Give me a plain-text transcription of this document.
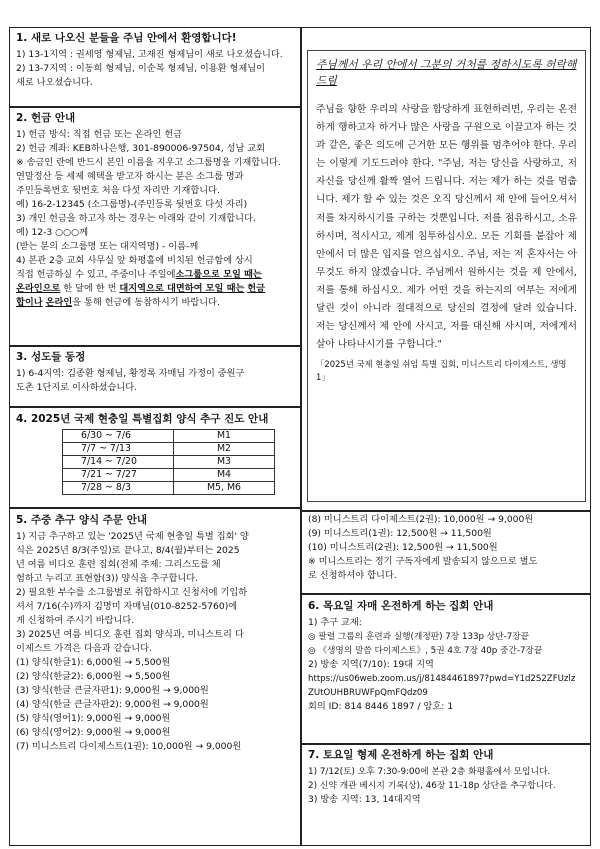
1. 새로 나오신 분들을 주님 안에서 환영합니다!
1) 13-1지역 : 권세영 형제님, 고재진 형제님이 새로 나오셨습니다.
2) 13-7지역 : 이동희 형제님, 이순복 형제님, 이용환 형제님이
새로 나오셨습니다.
2. 헌금 안내
1) 헌금 방식: 직접 헌금 또는 온라인 헌금
2) 헌금 계좌: KEB하나은행, 301-890006-97504, 성남 교회
※ 송금인 란에 반드시 본인 이름을 지우고 소그룹명을 기재합니다.
연말정산 등 세제 혜택을 받고자 하시는 분은 소그룹 명과
주민등록번호 뒷번호 처음 다섯 자리만 기재합니다.
예) 16-2-12345 (소그룹명)-(주민등록 뒷번호 다섯 자리)
3) 개인 헌금을 하고자 하는 경우는 아래와 같이 기재합니다.
예) 12-3 ○○○께
(받는 분의 소그룹명 또는 대지역명) - 이름-께
4) 본관 2층 교회 사무실 앞 화평홀에 비치된 헌금함에 상시
직접 헌금하실 수 있고, 주중이나 주일에소그룹으로 모일 때는
온라인으로 한 달에 한 번 대지역으로 대면하여 모일 때는 헌금
합이나 온라인을 통해 헌금에 동참하시기 바랍니다.
3. 성도들 동정
1) 6-4지역: 김종환 형제님, 황정록 자매님 가정이 중원구
도촌 1단지로 이사하셨습니다.
4. 2025년 국제 현충일 특별집회 양식 추구 진도 안내
6/30 ~ 7/6	M1
7/7 ~ 7/13	M2
7/14 ~ 7/20	M3
7/21 ~ 7/27	M4
7/28 ~ 8/3	M5, M6
5. 주중 추구 양식 주문 안내
1) 지금 추구하고 있는 '2025년 국제 현충일 특별 집회' 양
식은 2025년 8/3(주일)로 끝나고, 8/4(월)부터는 2025
년 여름 비디오 훈련 집회(전체 주제: 그리스도를 체
험하고 누리고 표현함(3)) 양식을 추구합니다.
2) 필요한 부수를 소그룹별로 취합하시고 신청서에 기입하
셔서 7/16(수)까지 김명미 자매님(010-8252-5760)에
게 신청하여 주시기 바랍니다.
3) 2025년 여름 비디오 훈련 집회 양식과, 미니스트리 다
이제스트 가격은 다음과 같습니다.
(1) 양식(한글1): 6,000원 → 5,500원
(2) 양식(한글2): 6,000원 → 5,500원
(3) 양식(한글 큰글자판1): 9,000원 → 9,000원
(4) 양식(한글 큰글자판2): 9,000원 → 9,000원
(5) 양식(영어1): 9,000원 → 9,000원
(6) 양식(영어2): 9,000원 → 9,000원
(7) 미니스트리 다이제스트(1권): 10,000원 → 9,000원
주님께서 우리 안에서 그분의 거처를 정하시도록 허락해 드림
주님을 향한 우리의 사랑을 합당하게 표현하려면, 우리는 온전하게 행하고자 하거나 많은 사랑을 구원으로 이끌고자 하는 것과 같은, 좋은 의도에 근거한 모든 행위를 멈추어야 한다. 우리는 이렇게 기도드려야 한다. "주님, 저는 당신을 사랑하고, 저 자신을 당신께 활짝 열어 드립니다. 저는 제가 하는 것을 멈춥니다. 제가 할 수 있는 것은 오직 당신께서 제 안에 들어오셔서 저를 차지하시기를 구하는 것뿐입니다. 저를 점유하시고, 소유하시며, 적시시고, 제게 침투하십시오. 모든 기회를 붙잡아 제 안에서 더 많은 입지를 얻으십시오. 주님, 저는 저 혼자서는 아무것도 하지 않겠습니다. 주님께서 원하시는 것을 제 안에서, 저를 통해 하십시오. 제가 어떤 것을 하는지의 여부는 저에게 달린 것이 아니라 절대적으로 당신의 결정에 달려 있습니다. 저는 당신께서 제 안에 사시고, 저를 대신해 사시며, 저에게서 살아 나타나시기를 구합니다."
「2025년 국제 현충일 쉬임 특별 집회, 미니스트리 다이제스트, 생명 1」
(8) 미니스트리 다이제스트(2권): 10,000원 → 9,000원
(9) 미니스트리(1권): 12,500원 → 11,500원
(10) 미니스트리(2권): 12,500원 → 11,500원
※ 미니스트리는 정기 구독자에게 발송되지 않으므로 별도
로 신청하셔야 합니다.
6. 목요일 자매 온전하게 하는 집회 안내
1) 추구 교재:
◎ 팔렬 그룹의 훈련과 실행(개정판) 7장 133p 상단-7장끝
◎ 《생명의 말씀 다이제스트》, 5권 4호 7장 40p 중간-7장끝
2) 방송 지역(7/10): 19대 지역
https://us06web.zoom.us/j/81484461897?pwd=Y1d2S2ZFUzlz
ZUtOUHBRUWFpQmFQdz09
회의 ID: 814 8446 1897 / 암호: 1
7. 토요일 형제 온전하게 하는 집회 안내
1) 7/12(토) 오후 7:30-9:00에 본관 2층 화평홀에서 모입니다.
2) 신약 개관 베시지 기록(상), 46장 11-18p 상단을 추구합니다.
3) 방송 지역: 13, 14대지역
